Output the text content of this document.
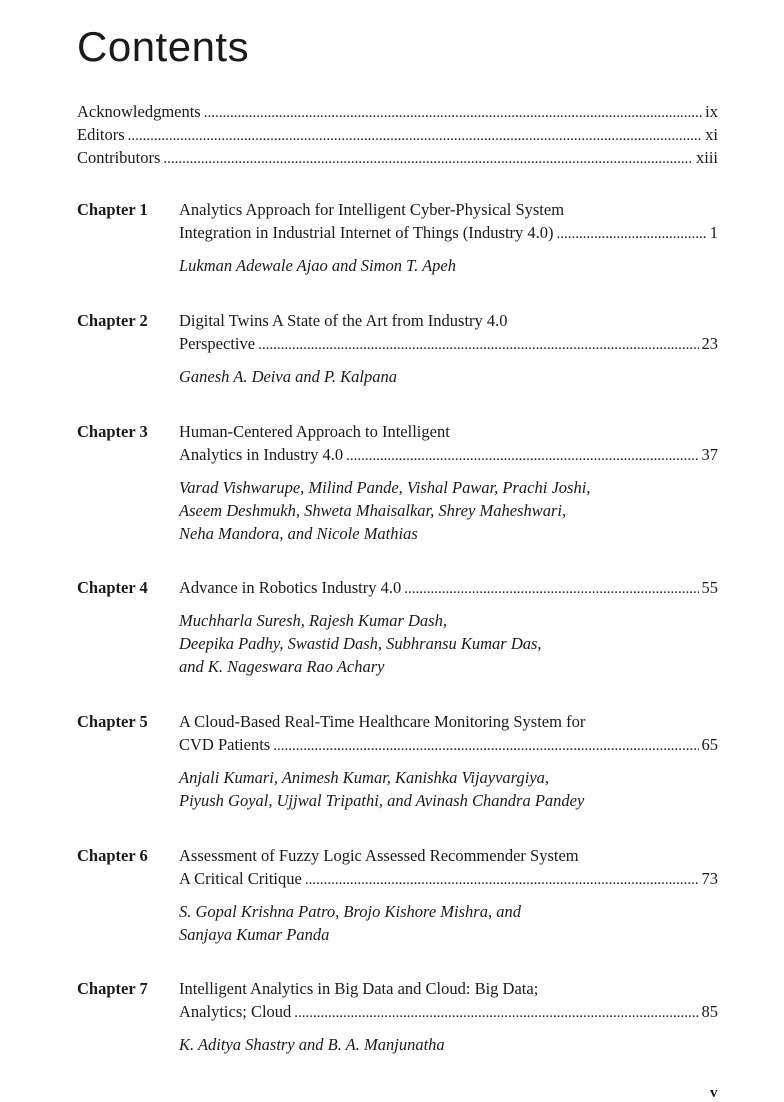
Contents
Acknowledgments .....	ix
Editors .....	xi
Contributors .....	xiii
Chapter 1 Analytics Approach for Intelligent Cyber-Physical System
Integration in Industrial Internet of Things (Industry 4.0) .....	1
Lukman Adewale Ajao and Simon T. Apeh
Chapter 2 Digital Twins A State of the Art from Industry 4.0
Perspective .....	23
Ganesh A. Deiva and P. Kalpana
Chapter 3 Human-Centered Approach to Intelligent
Analytics in Industry 4.0 .....	37
Varad Vishwarupe, Milind Pande, Vishal Pawar, Prachi Joshi,
Aseem Deshmukh, Shweta Mhaisalkar, Shrey Maheshwari,
Neha Mandora, and Nicole Mathias
Chapter 4 Advance in Robotics Industry 4.0 .....	55
Muchharla Suresh, Rajesh Kumar Dash,
Deepika Padhy, Swastid Dash, Subhransu Kumar Das,
and K. Nageswara Rao Achary
Chapter 5 A Cloud-Based Real-Time Healthcare Monitoring System for
CVD Patients .....	65
Anjali Kumari, Animesh Kumar, Kanishka Vijayvargiya,
Piyush Goyal, Ujjwal Tripathi, and Avinash Chandra Pandey
Chapter 6 Assessment of Fuzzy Logic Assessed Recommender System
A Critical Critique .....	73
S. Gopal Krishna Patro, Brojo Kishore Mishra, and
Sanjaya Kumar Panda
Chapter 7 Intelligent Analytics in Big Data and Cloud: Big Data;
Analytics; Cloud .....	85
K. Aditya Shastry and B. A. Manjunatha
v
